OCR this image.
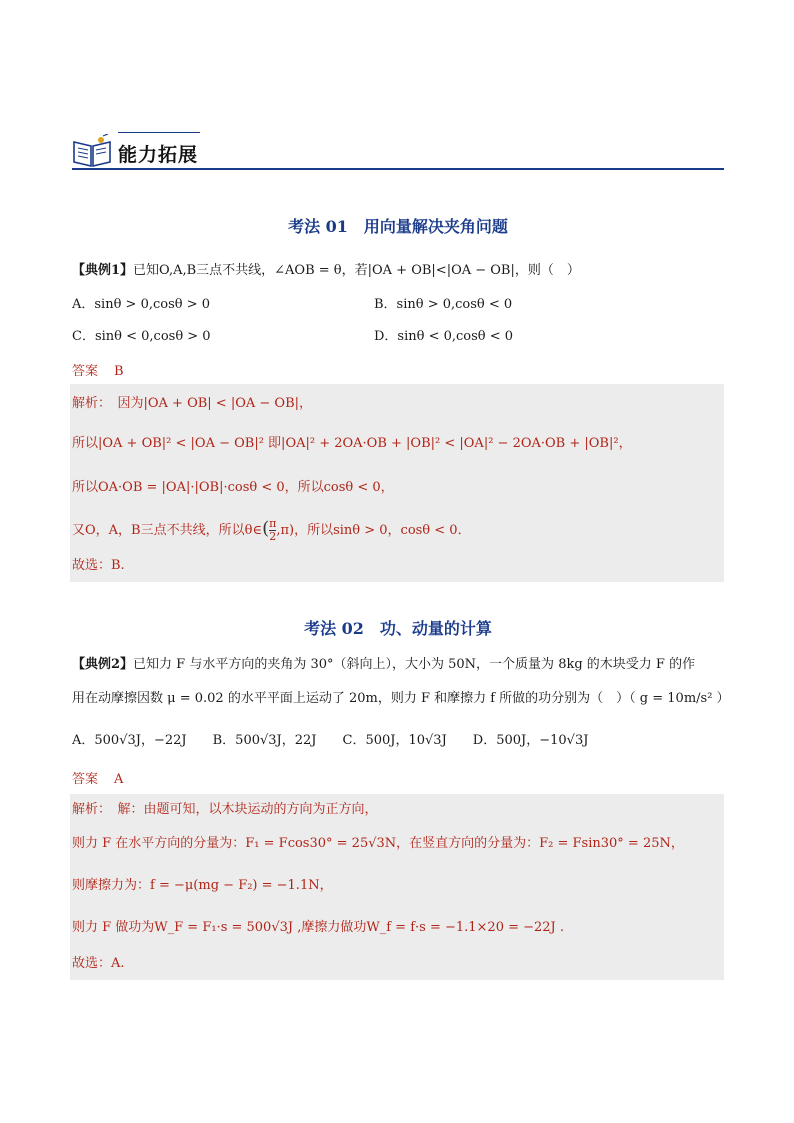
能力拓展
考法 01　用向量解决夹角问题
【典例1】已知O,A,B三点不共线，∠AOB = θ，若|OA + OB|<|OA − OB|，则（　）
A．sinθ > 0,cosθ > 0	B．sinθ > 0,cosθ < 0
C．sinθ < 0,cosθ > 0	D．sinθ < 0,cosθ < 0
答案 B
解析：　因为|OA + OB| < |OA − OB|，
所以|OA + OB|² < |OA − OB|² 即|OA|² + 2OA·OB + |OB|² < |OA|² − 2OA·OB + |OB|²，
所以OA·OB = |OA|·|OB|·cosθ < 0，所以cosθ < 0，
又O，A，B三点不共线，所以θ∈( $\frac{\pi}{2} ,\pi$)，所以sinθ > 0，cosθ < 0．
故选：B.
考法 02　功、动量的计算
【典例2】已知力 F 与水平方向的夹角为 30°（斜向上），大小为 50N，一个质量为 8kg 的木块受力 F 的作
用在动摩擦因数 μ = 0.02 的水平平面上运动了 20m，则力 F 和摩擦力 f 所做的功分别为（　）（ g = 10m/s² ）
A．500√3J，−22J　　B．500√3J，22J　　C．500J，10√3J　　D．500J，−10√3J
答案 A
解析：　解：由题可知，以木块运动的方向为正方向，
则力 F 在水平方向的分量为：F₁ = Fcos30° = 25√3N，在竖直方向的分量为：F₂ = Fsin30° = 25N，
则摩擦力为：f = −μ(mg − F₂) = −1.1N，
则力 F 做功为W_F = F₁·s = 500√3J ,摩擦力做功W_f = f·s = −1.1×20 = −22J .
故选：A.
